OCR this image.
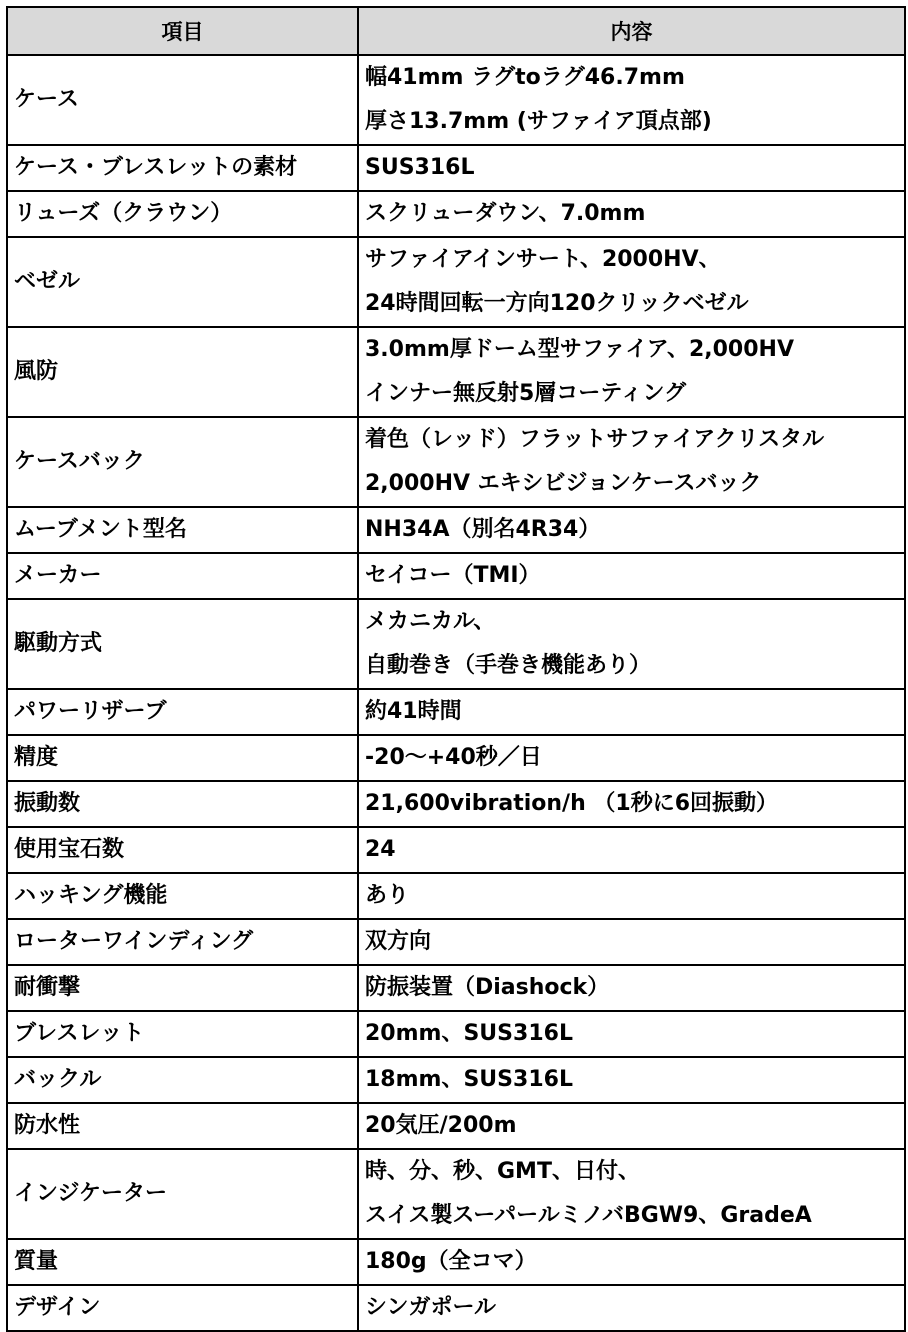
項目	内容
ケース	幅41mm ラグtoラグ46.7mm
厚さ13.7mm (サファイア頂点部)

ケース・ブレスレットの素材	SUS316L

リューズ（クラウン）	スクリューダウン、7.0mm

ベゼル	サファイアインサート、2000HV、
24時間回転一方向120クリックベゼル

風防	3.0mm厚ドーム型サファイア、2,000HV
インナー無反射5層コーティング

ケースバック	着色（レッド）フラットサファイアクリスタル
2,000HV エキシビジョンケースバック

ムーブメント型名	NH34A（別名4R34）

メーカー	セイコー（TMI）

駆動方式	メカニカル、
自動巻き（手巻き機能あり）

パワーリザーブ	約41時間

精度	-20～+40秒／日

振動数	21,600vibration/h （1秒に6回振動）

使用宝石数	24

ハッキング機能	あり

ローターワインディング	双方向

耐衝撃	防振装置（Diashock）

ブレスレット	20mm、SUS316L

バックル	18mm、SUS316L

防水性	20気圧/200m

インジケーター	時、分、秒、GMT、日付、
スイス製スーパールミノバBGW9、GradeA

質量	180g（全コマ）

デザイン	シンガポール
